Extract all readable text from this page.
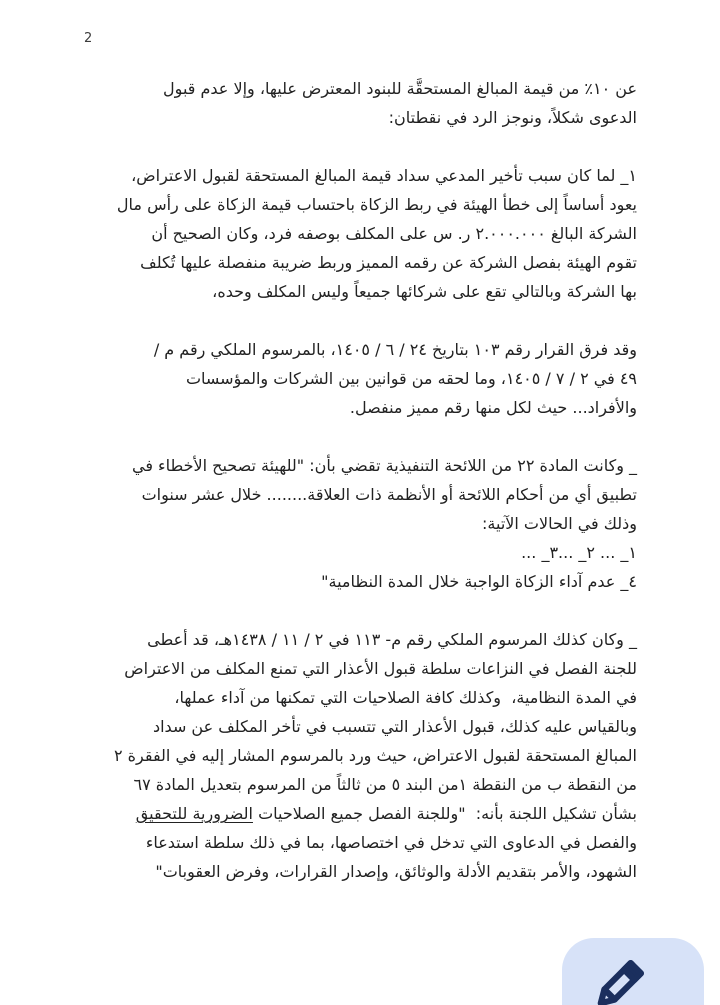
2
عن ١٠٪ من قيمة المبالغ المستحقَّة للبنود المعترض عليها، وإلا عدم قبول
الدعوى شكلاً، ونوجز الرد في نقطتان:
١_ لما كان سبب تأخير المدعي سداد قيمة المبالغ المستحقة لقبول الاعتراض،
يعود أساساً إلى خطأ الهيئة في ربط الزكاة باحتساب قيمة الزكاة على رأس مال
الشركة البالغ ٢.٠٠٠.٠٠٠ ر. س على المكلف بوصفه فرد، وكان الصحيح أن
تقوم الهيئة بفصل الشركة عن رقمه المميز وربط ضريبة منفصلة عليها تُكلف
بها الشركة وبالتالي تقع على شركائها جميعاً وليس المكلف وحده،
وقد فرق القرار رقم ١٠٣ بتاريخ ٢٤ / ٦ / ١٤٠٥، بالمرسوم الملكي رقم م /
٤٩ في ٢ / ٧ / ١٤٠٥، وما لحقه من قوانين بين الشركات والمؤسسات
والأفراد... حيث لكل منها رقم مميز منفصل.
_ وكانت المادة ٢٢ من اللائحة التنفيذية تقضي بأن: "للهيئة تصحيح الأخطاء في
تطبيق أي من أحكام اللائحة أو الأنظمة ذات العلاقة........ خلال عشر سنوات
وذلك في الحالات الآتية:
١_ ... ٢_ ...٣_ ...
٤_ عدم آداء الزكاة الواجبة خلال المدة النظامية"
_ وكان كذلك المرسوم الملكي رقم م- ١١٣ في ٢ / ١١ / ١٤٣٨هـ، قد أعطى
للجنة الفصل في النزاعات سلطة قبول الأعذار التي تمنع المكلف من الاعتراض
في المدة النظامية،  وكذلك كافة الصلاحيات التي تمكنها من آداء عملها،
وبالقياس عليه كذلك، قبول الأعذار التي تتسبب في تأخر المكلف عن سداد
المبالغ المستحقة لقبول الاعتراض، حيث ورد بالمرسوم المشار إليه في الفقرة ٢
من النقطة ب من النقطة ١من البند ٥ من ثالثاً من المرسوم بتعديل المادة ٦٧
بشأن تشكيل اللجنة بأنه:  "وللجنة الفصل جميع الصلاحيات الضرورية للتحقيق
والفصل في الدعاوى التي تدخل في اختصاصها، بما في ذلك سلطة استدعاء
الشهود، والأمر بتقديم الأدلة والوثائق، وإصدار القرارات، وفرض العقوبات"
